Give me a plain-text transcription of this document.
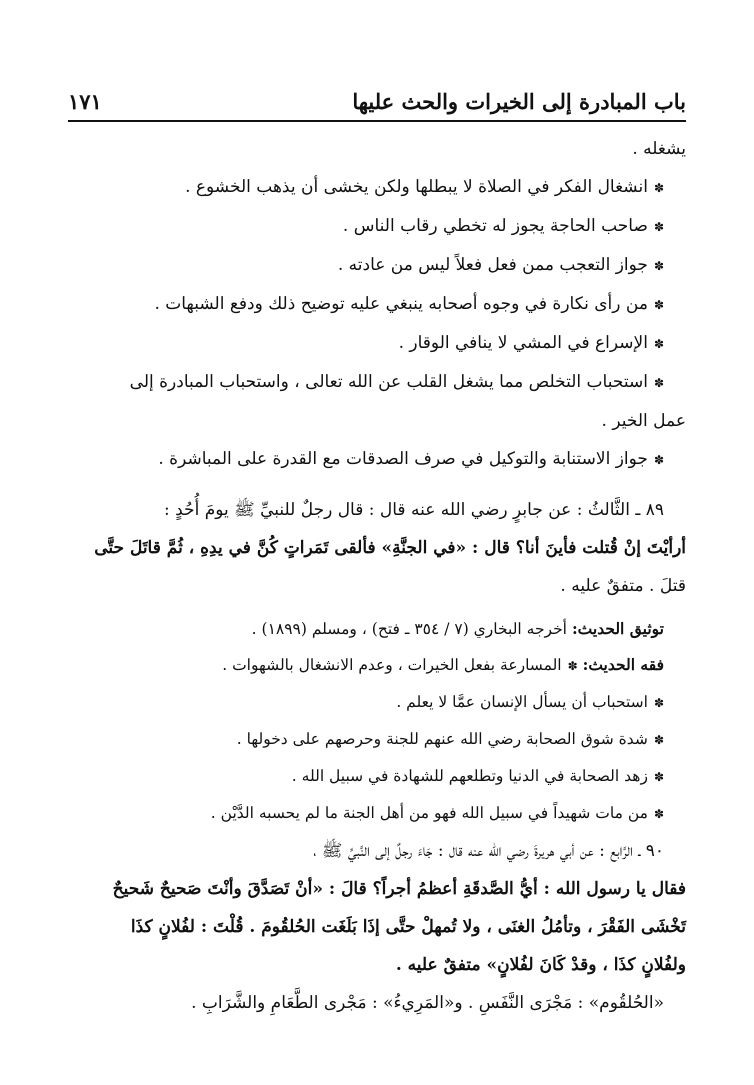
باب المبادرة إلى الخيرات والحث عليها
١٧١

يشغله .

✽ انشغال الفكر في الصلاة لا يبطلها ولكن يخشى أن يذهب الخشوع .

✽ صاحب الحاجة يجوز له تخطي رقاب الناس .

✽ جواز التعجب ممن فعل فعلاً ليس من عادته .

✽ من رأى نكارة في وجوه أصحابه ينبغي عليه توضيح ذلك ودفع الشبهات .

✽ الإسراع في المشي لا ينافي الوقار .

✽ استحباب التخلص مما يشغل القلب عن الله تعالى ، واستحباب المبادرة إلى

عمل الخير .

✽ جواز الاستنابة والتوكيل في صرف الصدقات مع القدرة على المباشرة .

٨٩ ـ الثَّالثُ : عن جابرٍ رضي الله عنه قال : قال رجلٌ للنبيِّ ﷺ يومَ أُحُدٍ :

أرأيْتَ إنْ قُتلت فأينَ أنا؟ قال : «في الجنَّةِ» فألقى تَمَراتٍ كُنَّ في يدِهِ ، ثُمَّ قاتَلَ حتَّى

قتلَ . متفقٌ عليه .

توثيق الحديث: أخرجه البخاري (٧ / ٣٥٤ ـ فتح) ، ومسلم (١٨٩٩) .

فقه الحديث: ✽ المسارعة بفعل الخيرات ، وعدم الانشغال بالشهوات .

✽ استحباب أن يسأل الإنسان عمَّا لا يعلم .

✽ شدة شوق الصحابة رضي الله عنهم للجنة وحرصهم على دخولها .

✽ زهد الصحابة في الدنيا وتطلعهم للشهادة في سبيل الله .

✽ من مات شهيداً في سبيل الله فهو من أهل الجنة ما لم يحسبه الدَّيْن .

٩٠ ـ الرَّابع : عن أبي هريرةَ رضي الله عنه قال : جَاءَ رجلٌ إلى النَّبيِّ ﷺ ،

فقال يا رسول الله : أيُّ الصَّدقَةِ أعظمُ أجراً؟ قالَ : «أنْ تَصَدَّقَ وأنْتَ صَحيحٌ شَحيحٌ

تَخْشَى الفَقْرَ ، وتأمُلُ الغنَى ، ولا تُمهلْ حتَّى إذَا بَلَغَت الحُلقُومَ . قُلْتَ : لفُلانٍ كذَا

ولفُلانٍ كذَا ، وقدْ كَانَ لفُلانٍ» متفقٌ عليه .

«الحُلقُوم» : مَجْرَى النَّفَسِ . و«المَرِيءُ» : مَجْرى الطَّعَامِ والشَّرَابِ .
